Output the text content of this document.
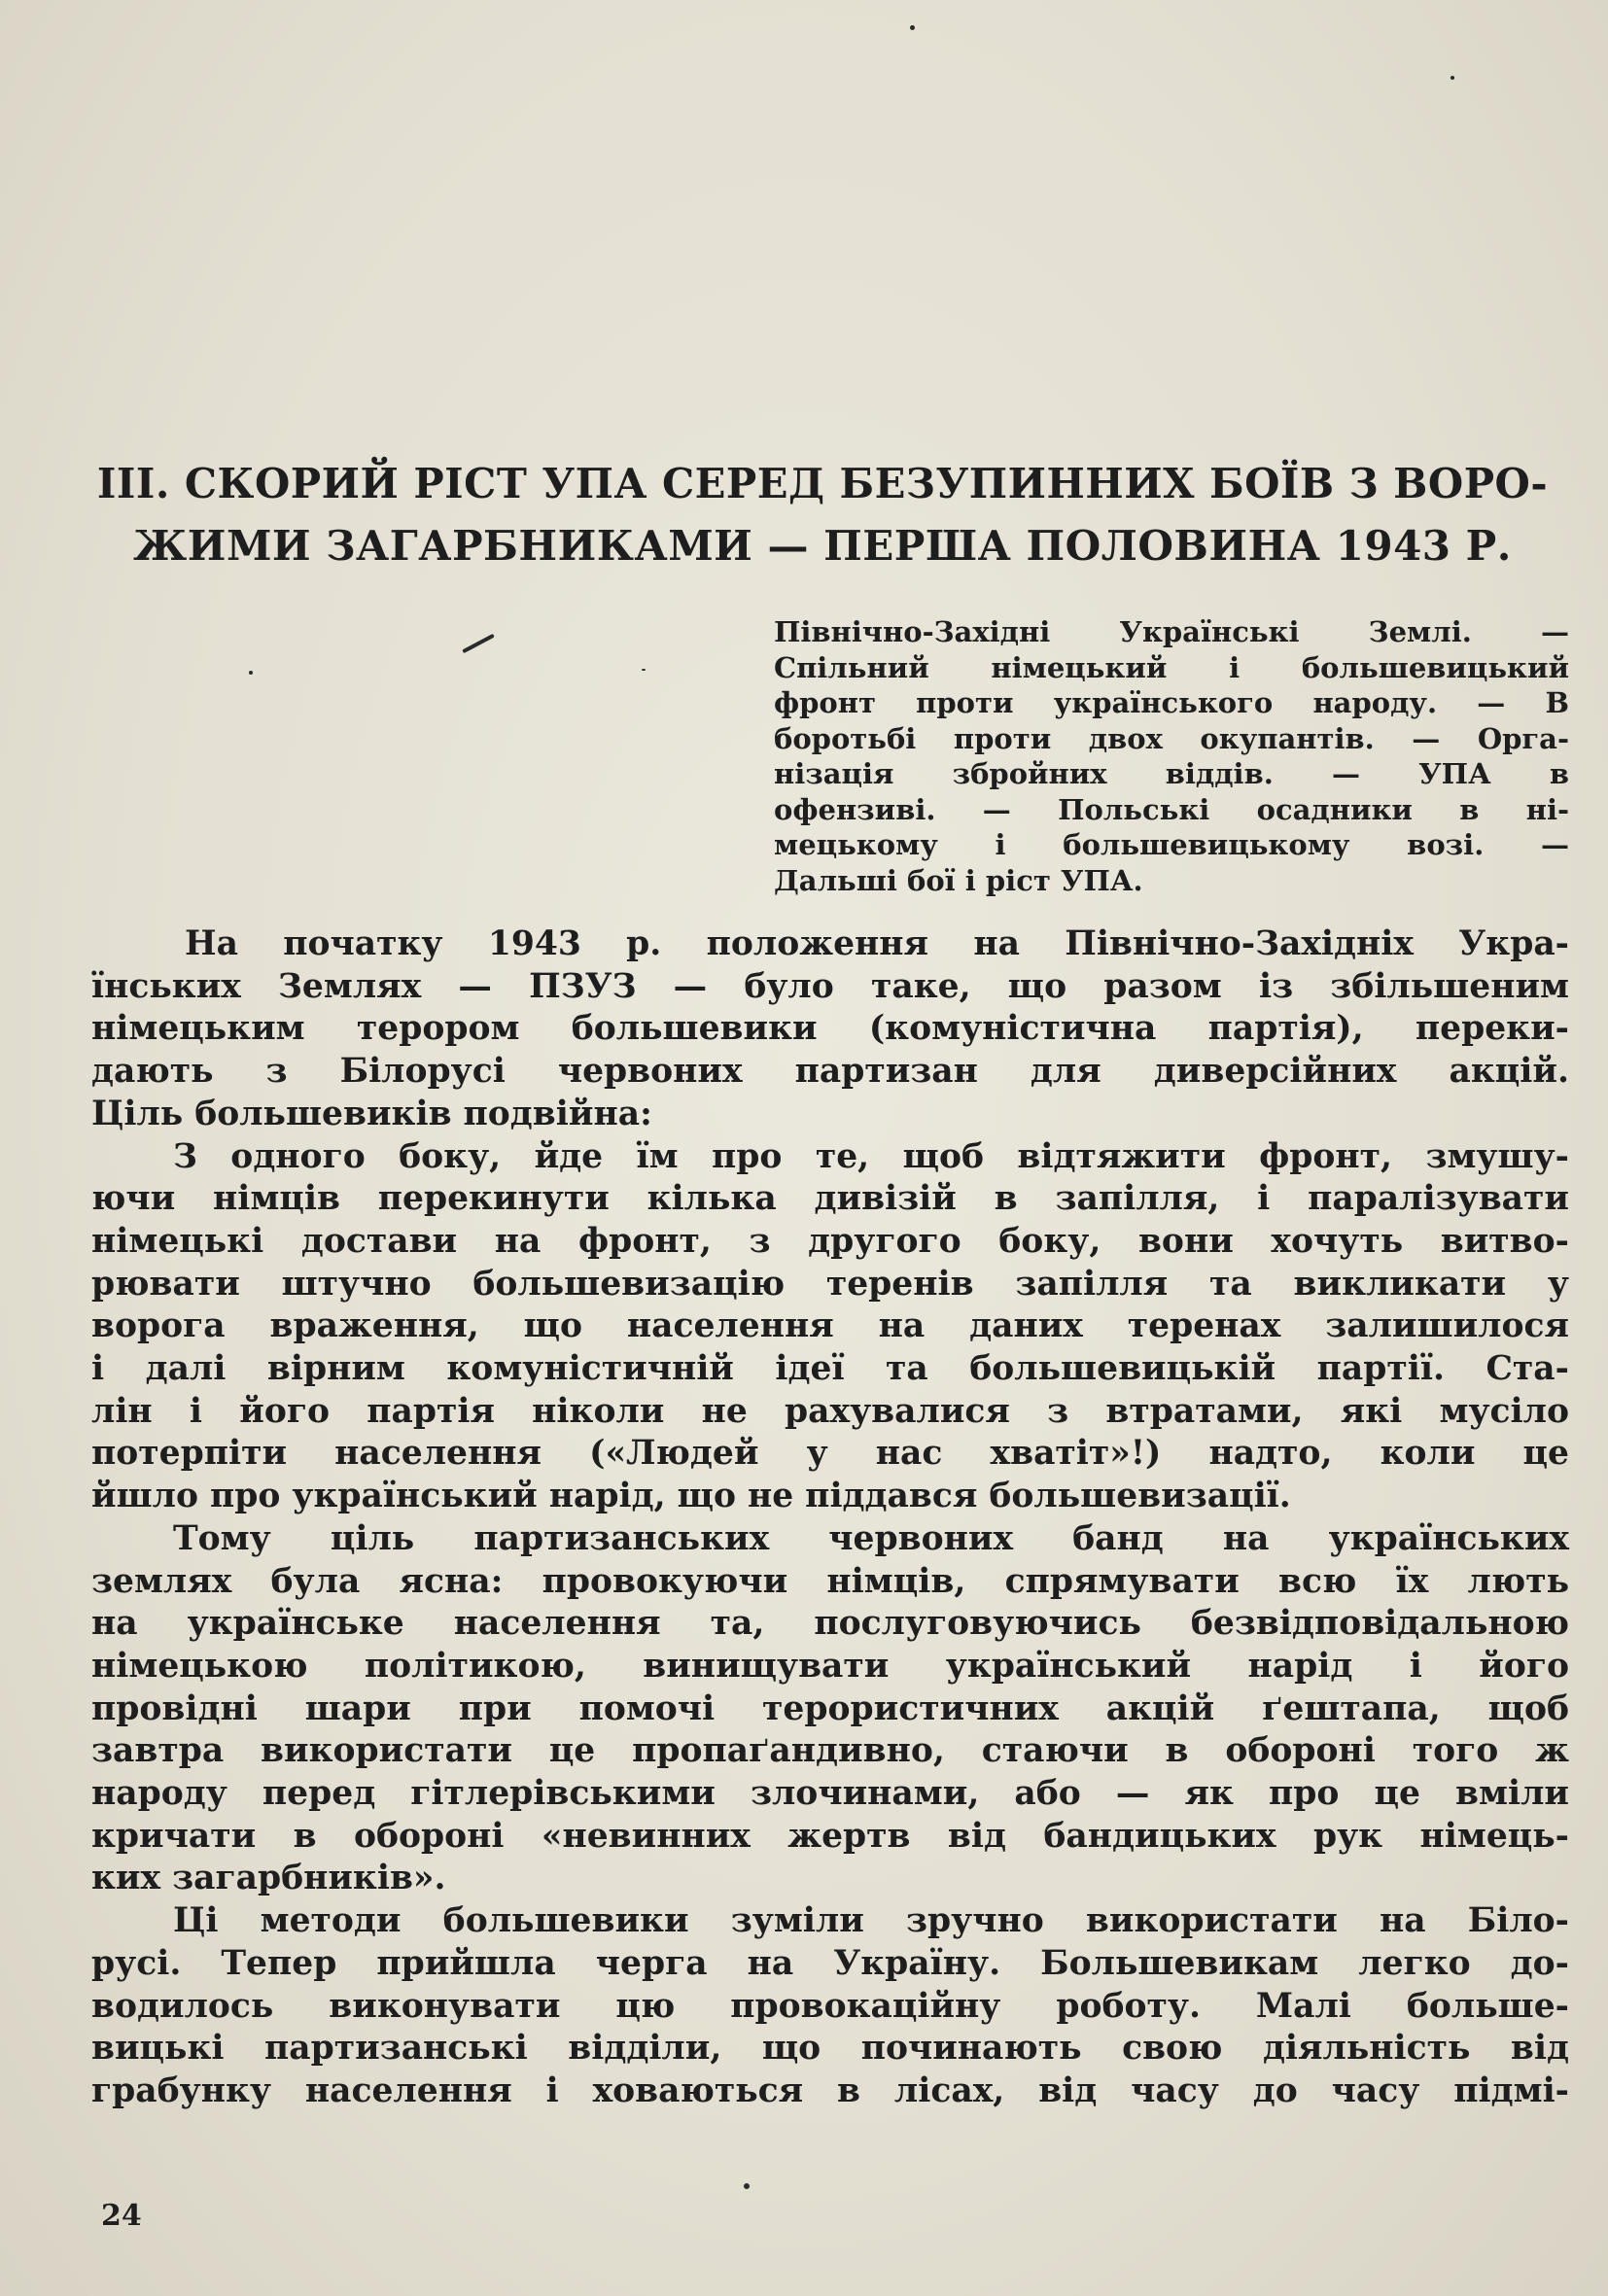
III. СКОРИЙ РІСТ УПА СЕРЕД БЕЗУПИННИХ БОЇВ З ВОРО-
ЖИМИ ЗАГАРБНИКАМИ — ПЕРША ПОЛОВИНА 1943 Р.
Північно-Західні Українські Землі. —
Спільний німецький і большевицький
фронт проти українського народу. — В
боротьбі проти двох окупантів. — Орга-
нізація збройних віддів. — УПА в
офензиві. — Польські осадники в ні-
мецькому і большевицькому возі. —
Дальші бої і ріст УПА.
На початку 1943 р. положення на Північно-Західніх Укра-
їнських Землях — ПЗУЗ — було таке, що разом із збільшеним
німецьким терором большевики (комуністична партія), переки-
дають з Білорусі червоних партизан для диверсійних акцій.
Ціль большевиків подвійна:
З одного боку, йде їм про те, щоб відтяжити фронт, змушу-
ючи німців перекинути кілька дивізій в запілля, і паралізувати
німецькі достави на фронт, з другого боку, вони хочуть витво-
рювати штучно большевизацію теренів запілля та викликати у
ворога враження, що населення на даних теренах залишилося
і далі вірним комуністичній ідеї та большевицькій партії. Ста-
лін і його партія ніколи не рахувалися з втратами, які мусіло
потерпіти населення («Людей у нас хватіт»!) надто, коли це
йшло про український нарід, що не піддався большевизації.
Тому ціль партизанських червоних банд на українських
землях була ясна: провокуючи німців, спрямувати всю їх лють
на українське населення та, послуговуючись безвідповідальною
німецькою політикою, винищувати український нарід і його
провідні шари при помочі терористичних акцій ґештапа, щоб
завтра використати це пропаґандивно, стаючи в обороні того ж
народу перед гітлерівськими злочинами, або — як про це вміли
кричати в обороні «невинних жертв від бандицьких рук німець-
ких загарбників».
Ці методи большевики зуміли зручно використати на Біло-
русі. Тепер прийшла черга на Україну. Большевикам легко до-
водилось виконувати цю провокаційну роботу. Малі больше-
вицькі партизанські відділи, що починають свою діяльність від
грабунку населення і ховаються в лісах, від часу до часу підмі-
24
